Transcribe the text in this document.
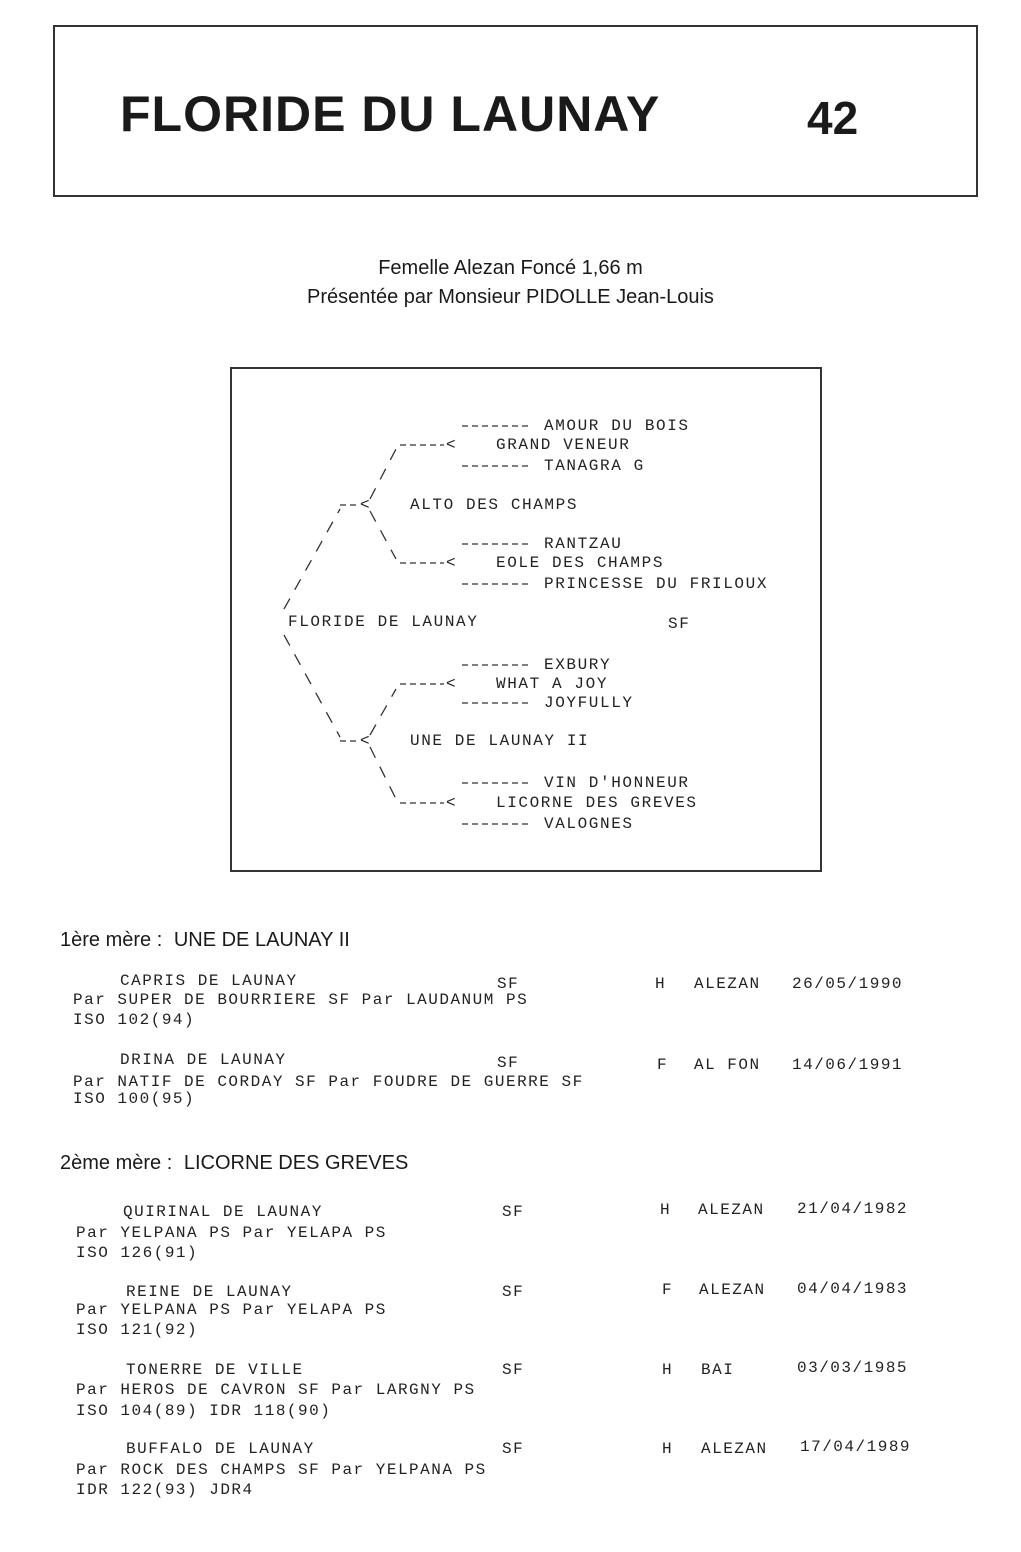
FLORIDE DU LAUNAY	42
Femelle Alezan Foncé 1,66 m
Présentée par Monsieur PIDOLLE Jean-Louis
<
<
<
<
<
<
AMOUR DU BOIS
GRAND VENEUR
TANAGRA G
ALTO DES CHAMPS
RANTZAU
EOLE DES CHAMPS
PRINCESSE DU FRILOUX
FLORIDE DE LAUNAY	SF
EXBURY
WHAT A JOY
JOYFULLY
UNE DE LAUNAY II
VIN D'HONNEUR
LICORNE DES GREVES
VALOGNES
1ère mère : UNE DE LAUNAY II
CAPRIS DE LAUNAY	SF	H ALEZAN 26/05/1990
Par SUPER DE BOURRIERE SF Par LAUDANUM PS
ISO 102(94)
DRINA DE LAUNAY	SF	F AL FON 14/06/1991
Par NATIF DE CORDAY SF Par FOUDRE DE GUERRE SF
ISO 100(95)
2ème mère : LICORNE DES GREVES
QUIRINAL DE LAUNAY	SF	H ALEZAN 21/04/1982
Par YELPANA PS Par YELAPA PS
ISO 126(91)
REINE DE LAUNAY	SF	F ALEZAN 04/04/1983
Par YELPANA PS Par YELAPA PS
ISO 121(92)
TONERRE DE VILLE	SF	H BAI	03/03/1985
Par HEROS DE CAVRON SF Par LARGNY PS
ISO 104(89) IDR 118(90)
BUFFALO DE LAUNAY	SF	H ALEZAN 17/04/1989
Par ROCK DES CHAMPS SF Par YELPANA PS
IDR 122(93) JDR4
